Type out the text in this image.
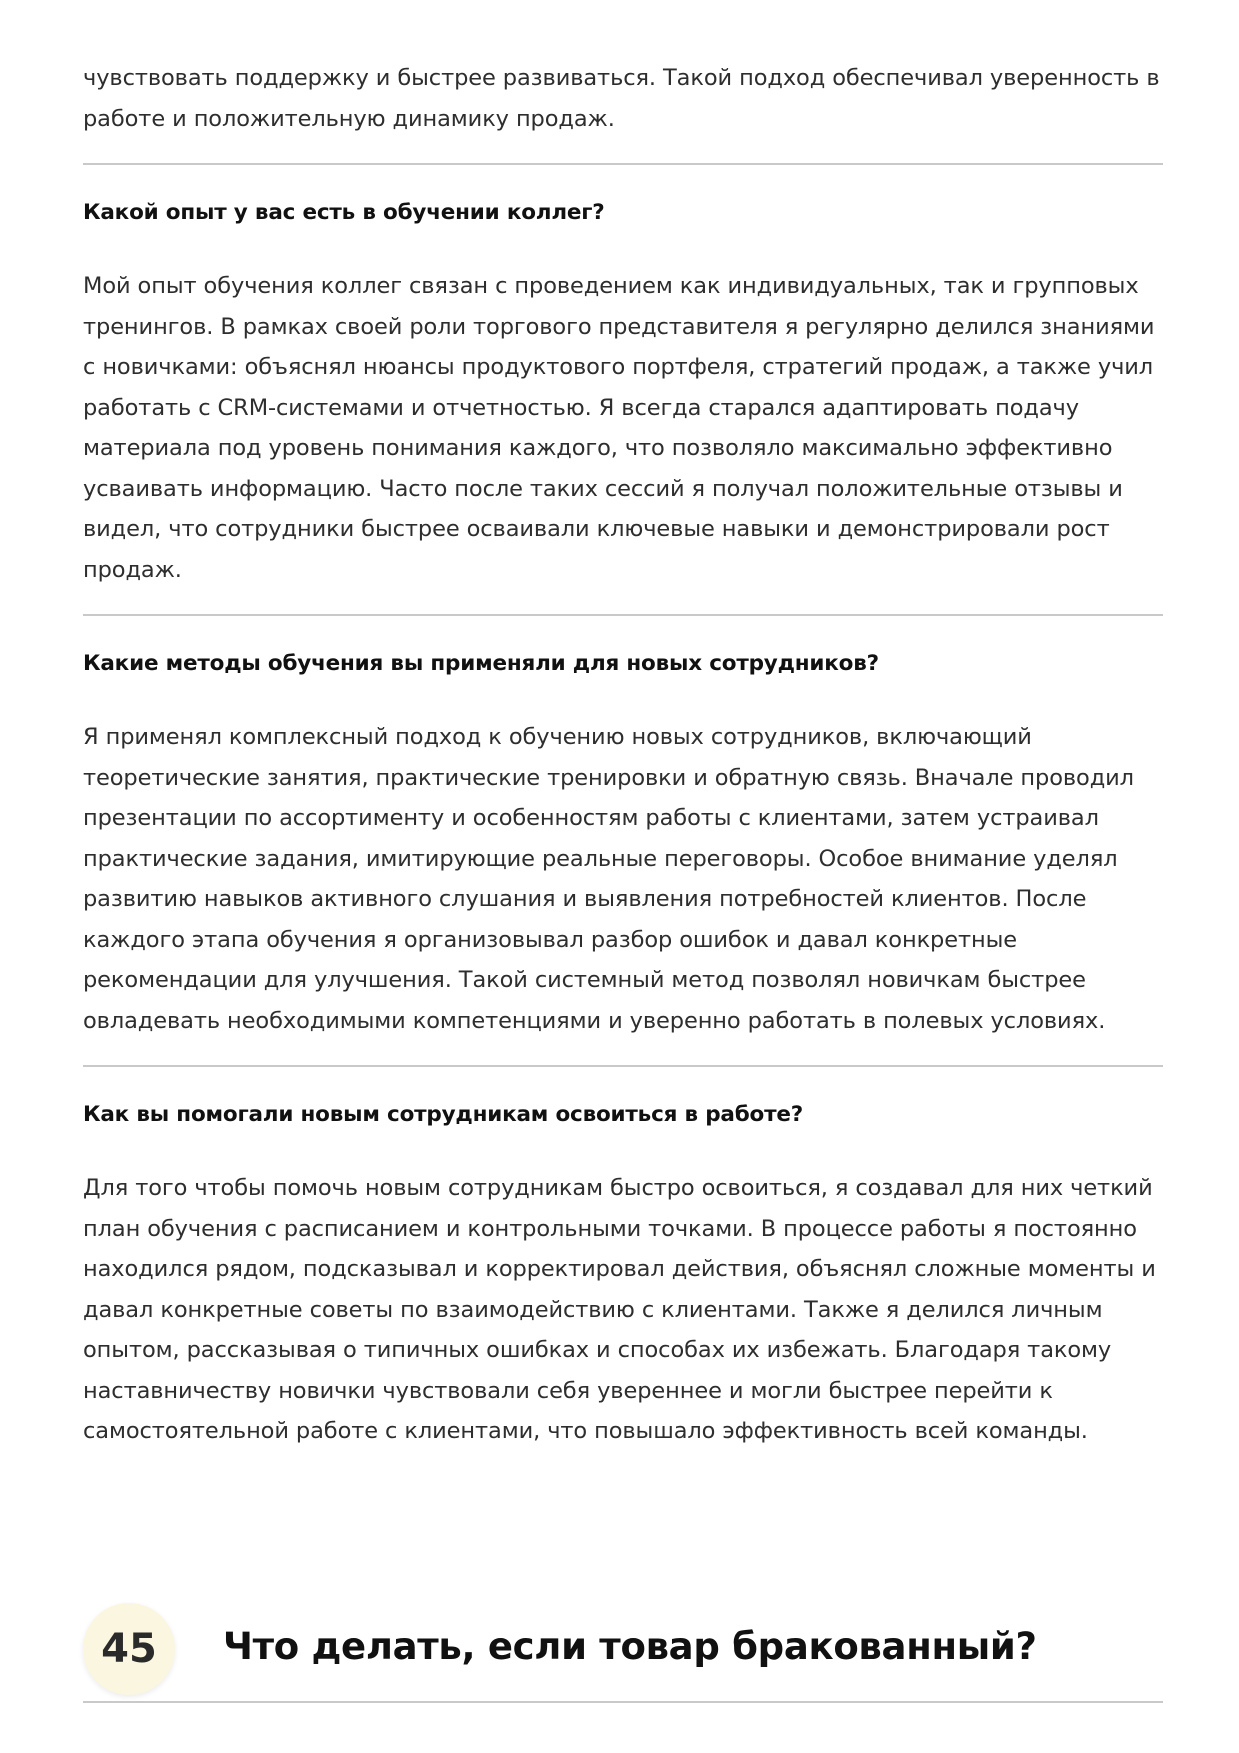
чувствовать поддержку и быстрее развиваться. Такой подход обеспечивал уверенность в работе и положительную динамику продаж.

Какой опыт у вас есть в обучении коллег?

Мой опыт обучения коллег связан с проведением как индивидуальных, так и групповых тренингов. В рамках своей роли торгового представителя я регулярно делился знаниями с новичками: объяснял нюансы продуктового портфеля, стратегий продаж, а также учил работать с CRM-системами и отчетностью. Я всегда старался адаптировать подачу материала под уровень понимания каждого, что позволяло максимально эффективно усваивать информацию. Часто после таких сессий я получал положительные отзывы и видел, что сотрудники быстрее осваивали ключевые навыки и демонстрировали рост продаж.

Какие методы обучения вы применяли для новых сотрудников?

Я применял комплексный подход к обучению новых сотрудников, включающий теоретические занятия, практические тренировки и обратную связь. Вначале проводил презентации по ассортименту и особенностям работы с клиентами, затем устраивал практические задания, имитирующие реальные переговоры. Особое внимание уделял развитию навыков активного слушания и выявления потребностей клиентов. После каждого этапа обучения я организовывал разбор ошибок и давал конкретные рекомендации для улучшения. Такой системный метод позволял новичкам быстрее овладевать необходимыми компетенциями и уверенно работать в полевых условиях.

Как вы помогали новым сотрудникам освоиться в работе?

Для того чтобы помочь новым сотрудникам быстро освоиться, я создавал для них четкий план обучения с расписанием и контрольными точками. В процессе работы я постоянно находился рядом, подсказывал и корректировал действия, объяснял сложные моменты и давал конкретные советы по взаимодействию с клиентами. Также я делился личным опытом, рассказывая о типичных ошибках и способах их избежать. Благодаря такому наставничеству новички чувствовали себя увереннее и могли быстрее перейти к самостоятельной работе с клиентами, что повышало эффективность всей команды.

45	Что делать, если товар бракованный?
